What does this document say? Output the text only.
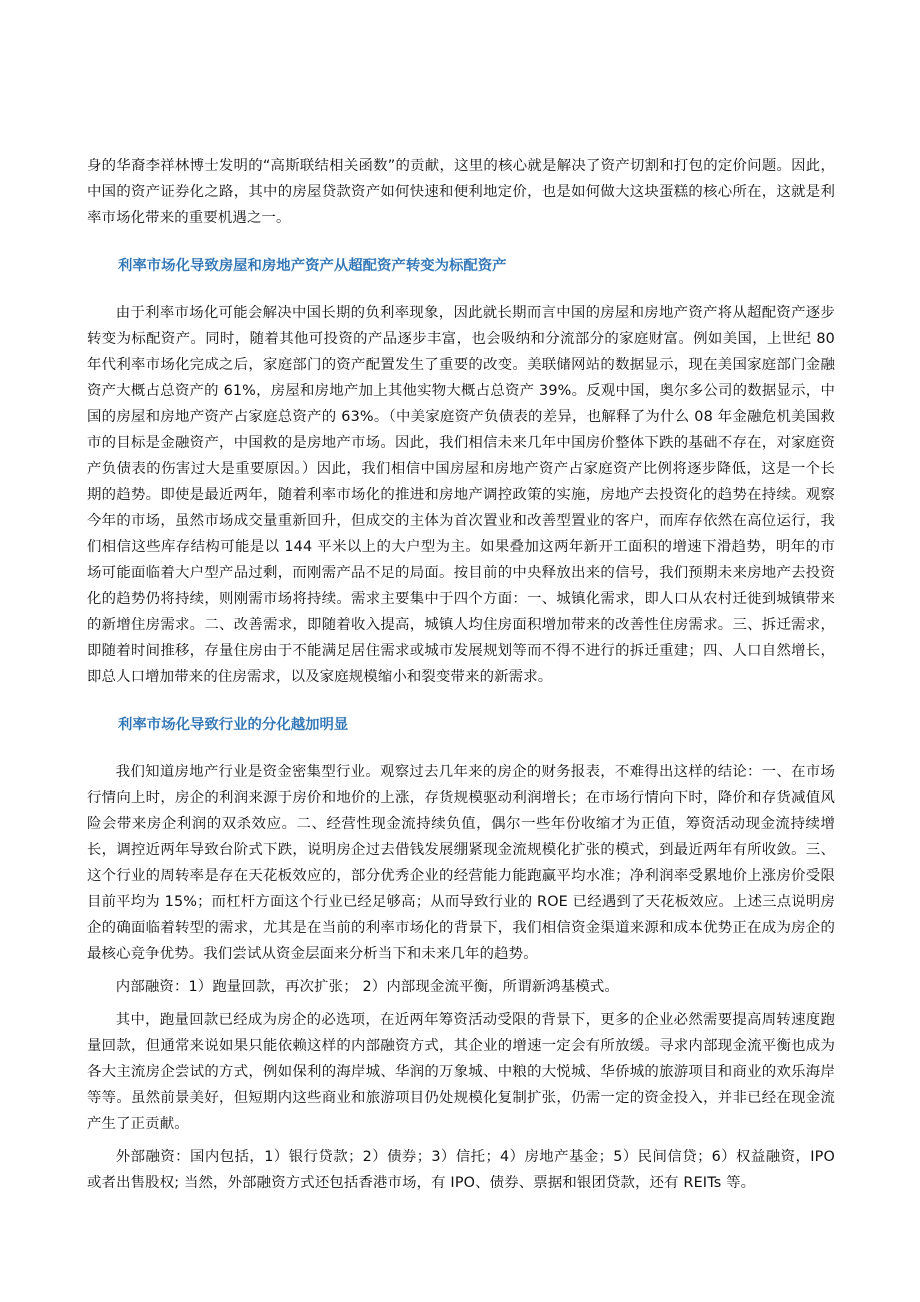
身的华裔李祥林博士发明的“高斯联结相关函数”的贡献，这里的核心就是解决了资产切割和打包的定价问题。因此，中国的资产证券化之路，其中的房屋贷款资产如何快速和便利地定价，也是如何做大这块蛋糕的核心所在，这就是利率市场化带来的重要机遇之一。

利率市场化导致房屋和房地产资产从超配资产转变为标配资产

由于利率市场化可能会解决中国长期的负利率现象，因此就长期而言中国的房屋和房地产资产将从超配资产逐步转变为标配资产。同时，随着其他可投资的产品逐步丰富，也会吸纳和分流部分的家庭财富。例如美国，上世纪 80 年代利率市场化完成之后，家庭部门的资产配置发生了重要的改变。美联储网站的数据显示，现在美国家庭部门金融资产大概占总资产的 61%，房屋和房地产加上其他实物大概占总资产 39%。反观中国，奥尔多公司的数据显示，中国的房屋和房地产资产占家庭总资产的 63%。（中美家庭资产负债表的差异，也解释了为什么 08 年金融危机美国救市的目标是金融资产，中国救的是房地产市场。因此，我们相信未来几年中国房价整体下跌的基础不存在，对家庭资产负债表的伤害过大是重要原因。）因此，我们相信中国房屋和房地产资产占家庭资产比例将逐步降低，这是一个长期的趋势。即使是最近两年，随着利率市场化的推进和房地产调控政策的实施，房地产去投资化的趋势在持续。观察今年的市场，虽然市场成交量重新回升，但成交的主体为首次置业和改善型置业的客户，而库存依然在高位运行，我们相信这些库存结构可能是以 144 平米以上的大户型为主。如果叠加这两年新开工面积的增速下滑趋势，明年的市场可能面临着大户型产品过剩，而刚需产品不足的局面。按目前的中央释放出来的信号，我们预期未来房地产去投资化的趋势仍将持续，则刚需市场将持续。需求主要集中于四个方面：一、城镇化需求，即人口从农村迁徙到城镇带来的新增住房需求。二、改善需求，即随着收入提高，城镇人均住房面积增加带来的改善性住房需求。三、拆迁需求，即随着时间推移，存量住房由于不能满足居住需求或城市发展规划等而不得不进行的拆迁重建；四、人口自然增长，即总人口增加带来的住房需求，以及家庭规模缩小和裂变带来的新需求。

利率市场化导致行业的分化越加明显

我们知道房地产行业是资金密集型行业。观察过去几年来的房企的财务报表，不难得出这样的结论：一、在市场行情向上时，房企的利润来源于房价和地价的上涨，存货规模驱动利润增长；在市场行情向下时，降价和存货减值风险会带来房企利润的双杀效应。二、经营性现金流持续负值，偶尔一些年份收缩才为正值，筹资活动现金流持续增长，调控近两年导致台阶式下跌，说明房企过去借钱发展绷紧现金流规模化扩张的模式，到最近两年有所收敛。三、这个行业的周转率是存在天花板效应的，部分优秀企业的经营能力能跑赢平均水准；净利润率受累地价上涨房价受限目前平均为 15%；而杠杆方面这个行业已经足够高；从而导致行业的 ROE 已经遇到了天花板效应。上述三点说明房企的确面临着转型的需求，尤其是在当前的利率市场化的背景下，我们相信资金渠道来源和成本优势正在成为房企的最核心竞争优势。我们尝试从资金层面来分析当下和未来几年的趋势。

内部融资：1）跑量回款，再次扩张； 2）内部现金流平衡，所谓新鸿基模式。

其中，跑量回款已经成为房企的必选项，在近两年筹资活动受限的背景下，更多的企业必然需要提高周转速度跑量回款，但通常来说如果只能依赖这样的内部融资方式，其企业的增速一定会有所放缓。寻求内部现金流平衡也成为各大主流房企尝试的方式，例如保利的海岸城、华润的万象城、中粮的大悦城、华侨城的旅游项目和商业的欢乐海岸等等。虽然前景美好，但短期内这些商业和旅游项目仍处规模化复制扩张，仍需一定的资金投入，并非已经在现金流产生了正贡献。

外部融资：国内包括，1）银行贷款；2）债券；3）信托；4）房地产基金；5）民间信贷；6）权益融资，IPO 或者出售股权; 当然，外部融资方式还包括香港市场，有 IPO、债券、票据和银团贷款，还有 REITs 等。
